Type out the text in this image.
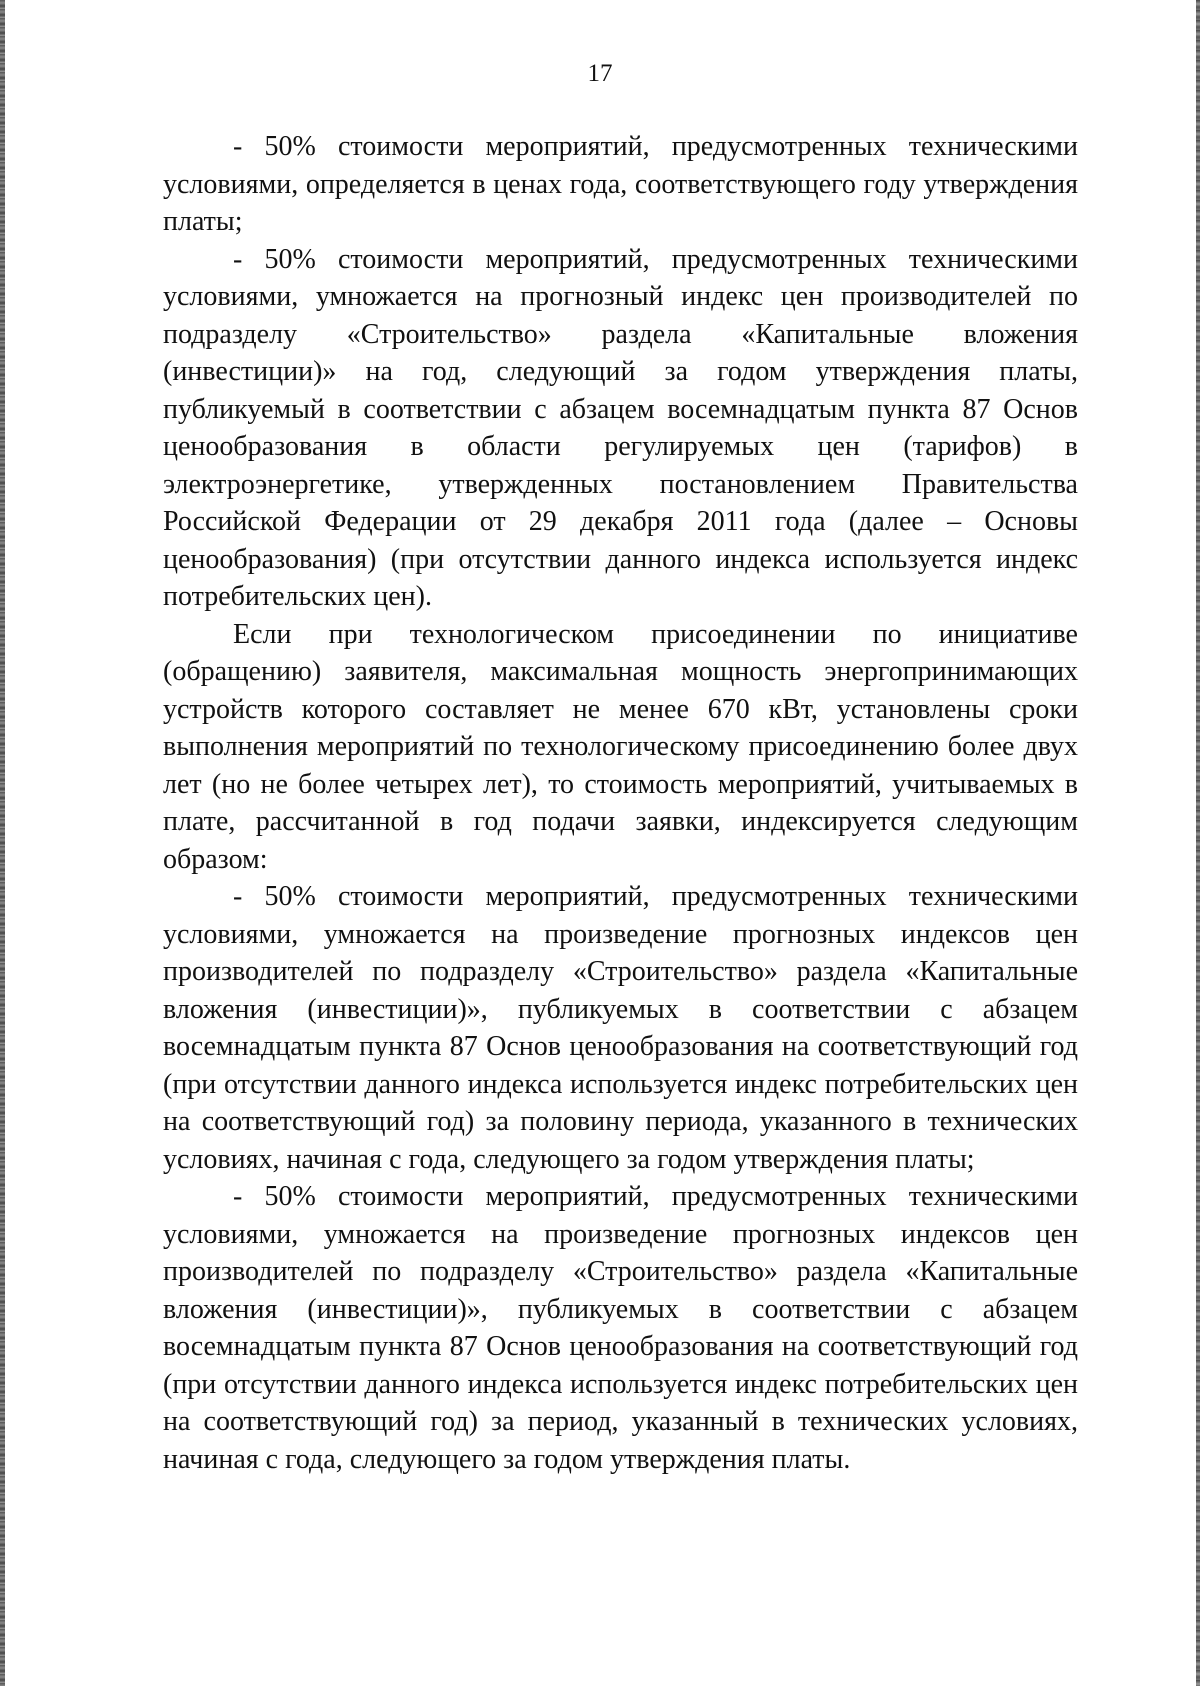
17

- 50% стоимости мероприятий, предусмотренных техническими условиями, определяется в ценах года, соответствующего году утверждения платы;

- 50% стоимости мероприятий, предусмотренных техническими условиями, умножается на прогнозный индекс цен производителей по подразделу «Строительство» раздела «Капитальные вложения (инвестиции)» на год, следующий за годом утверждения платы, публикуемый в соответствии с абзацем восемнадцатым пункта 87 Основ ценообразования в области регулируемых цен (тарифов) в электроэнергетике, утвержденных постановлением Правительства Российской Федерации от 29 декабря 2011 года (далее – Основы ценообразования) (при отсутствии данного индекса используется индекс потребительских цен).

Если при технологическом присоединении по инициативе (обращению) заявителя, максимальная мощность энергопринимающих устройств которого составляет не менее 670 кВт, установлены сроки выполнения мероприятий по технологическому присоединению более двух лет (но не более четырех лет), то стоимость мероприятий, учитываемых в плате, рассчитанной в год подачи заявки, индексируется следующим образом:

- 50% стоимости мероприятий, предусмотренных техническими условиями, умножается на произведение прогнозных индексов цен производителей по подразделу «Строительство» раздела «Капитальные вложения (инвестиции)», публикуемых в соответствии с абзацем восемнадцатым пункта 87 Основ ценообразования на соответствующий год (при отсутствии данного индекса используется индекс потребительских цен на соответствующий год) за половину периода, указанного в технических условиях, начиная с года, следующего за годом утверждения платы;

- 50% стоимости мероприятий, предусмотренных техническими условиями, умножается на произведение прогнозных индексов цен производителей по подразделу «Строительство» раздела «Капитальные вложения (инвестиции)», публикуемых в соответствии с абзацем восемнадцатым пункта 87 Основ ценообразования на соответствующий год (при отсутствии данного индекса используется индекс потребительских цен на соответствующий год) за период, указанный в технических условиях, начиная с года, следующего за годом утверждения платы.
